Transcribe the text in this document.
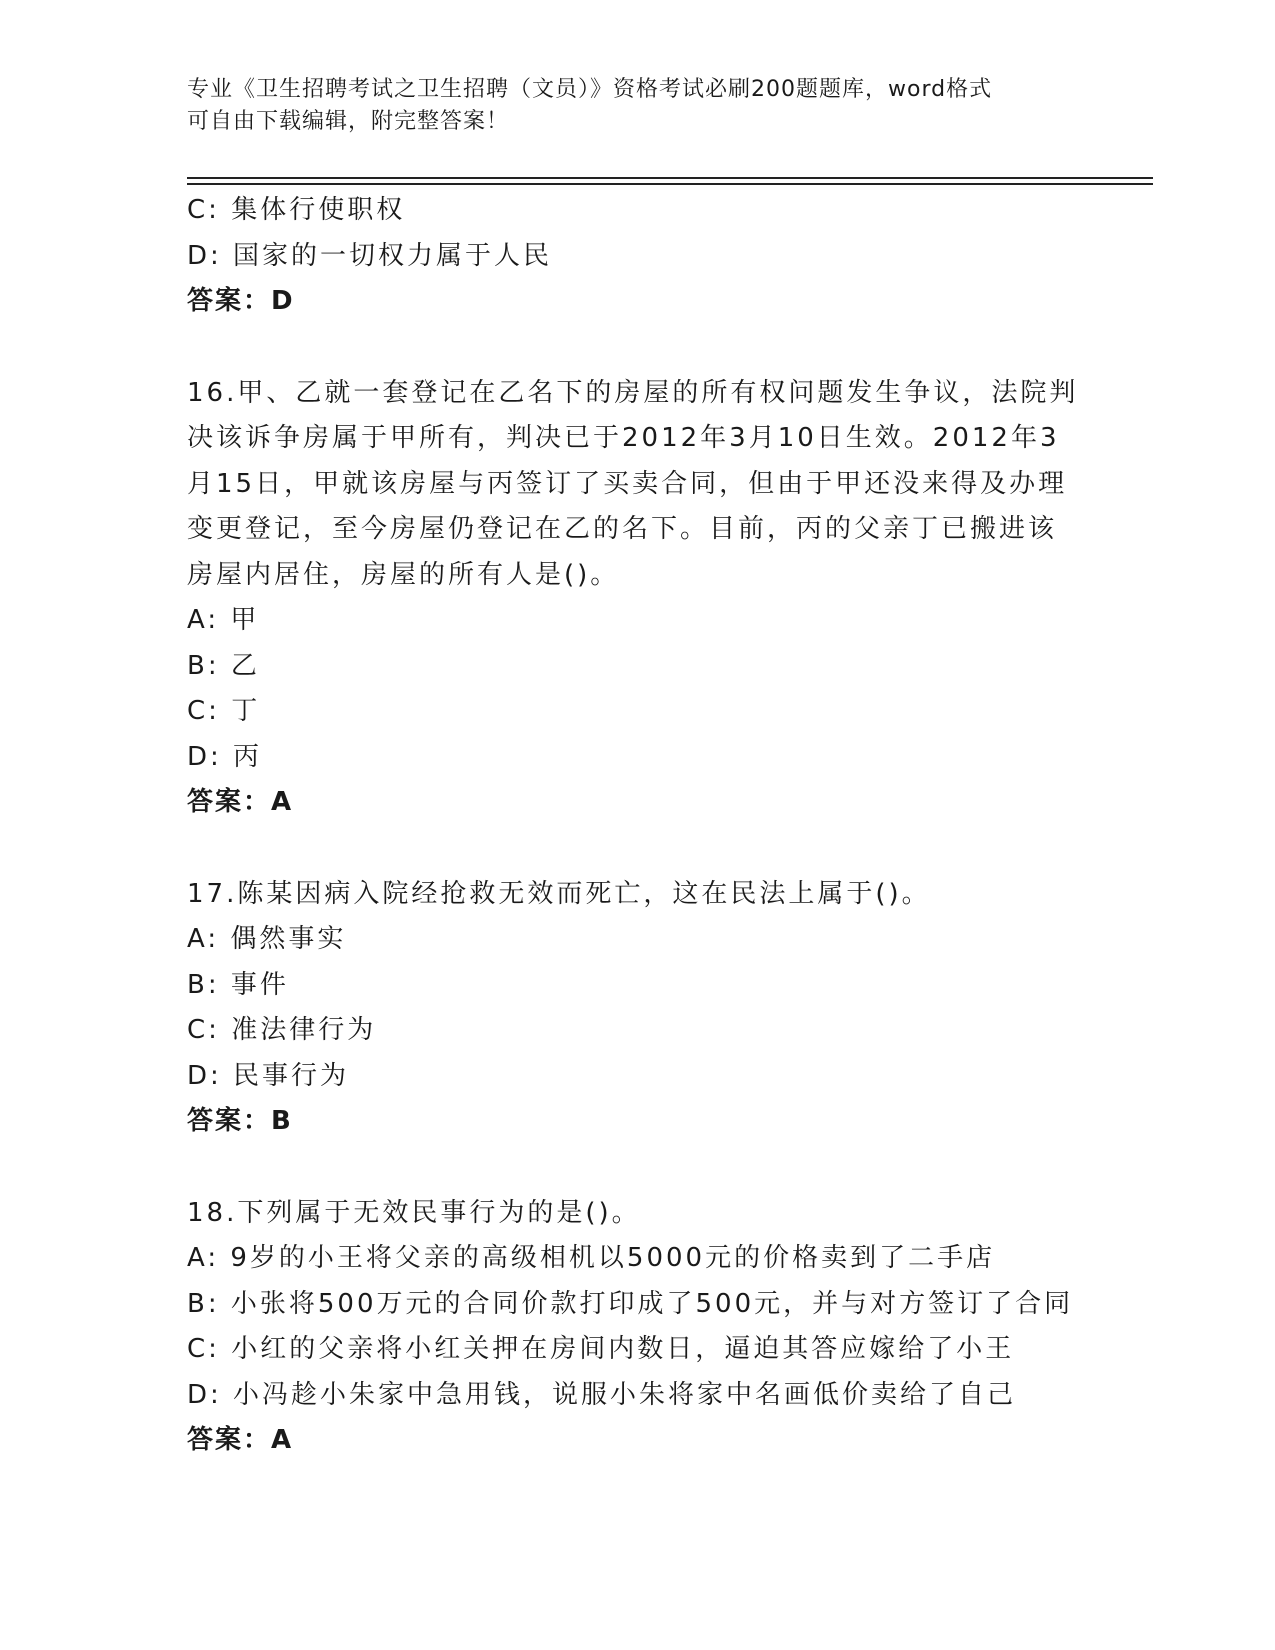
专业《卫生招聘考试之卫生招聘（文员）》资格考试必刷200题题库，word格式
可自由下载编辑，附完整答案！
C: 集体行使职权
D: 国家的一切权力属于人民
答案：D
16.甲、乙就一套登记在乙名下的房屋的所有权问题发生争议，法院判
决该诉争房属于甲所有，判决已于2012年3月10日生效。2012年3
月15日，甲就该房屋与丙签订了买卖合同，但由于甲还没来得及办理
变更登记，至今房屋仍登记在乙的名下。目前，丙的父亲丁已搬进该
房屋内居住，房屋的所有人是()。
A: 甲
B: 乙
C: 丁
D: 丙
答案：A
17.陈某因病入院经抢救无效而死亡，这在民法上属于()。
A: 偶然事实
B: 事件
C: 准法律行为
D: 民事行为
答案：B
18.下列属于无效民事行为的是()。
A: 9岁的小王将父亲的高级相机以5000元的价格卖到了二手店
B: 小张将500万元的合同价款打印成了500元，并与对方签订了合同
C: 小红的父亲将小红关押在房间内数日，逼迫其答应嫁给了小王
D: 小冯趁小朱家中急用钱，说服小朱将家中名画低价卖给了自己
答案：A
